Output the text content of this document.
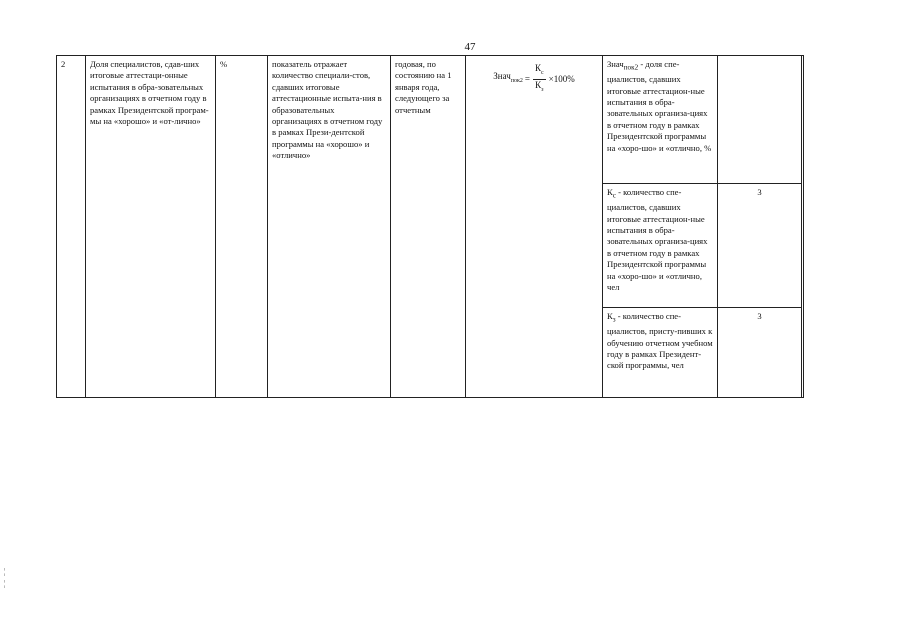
47
2	Доля специалистов, сдав-ших итоговые аттестаци-онные испытания в обра-зовательных организациях в отчетном году в рамках Президентской програм-мы на «хорошо» и «от-лично»	%	показатель отражает количество специали-стов, сдавших итоговые аттестационные испыта-ния в образовательных организациях в отчетном году в рамках Прези-дентской программы на «хорошо» и «отлично»	годовая, по состоянию на 1 января года, следующего за отчетным	Знач$_{пок2}$ = $\frac{К_с}{К_з} \times 100\%$	Знач$_{пок2}$ - доля спе-циалистов, сдавших итоговые аттестацион-ные испытания в обра-зовательных организа-циях в отчетном году в рамках Президентской программы на «хоро-шо» и «отлично, %		
						$К_с$ - количество спе-циалистов, сдавших итоговые аттестацион-ные испытания в обра-зовательных организа-циях в отчетном году в рамках Президентской программы на «хоро-шо» и «отлично, чел	3	
						$К_з$ - количество спе-циалистов, присту-пивших к обучению отчетном учебном году в рамках Президент-ской программы, чел	3	
¦
¦
